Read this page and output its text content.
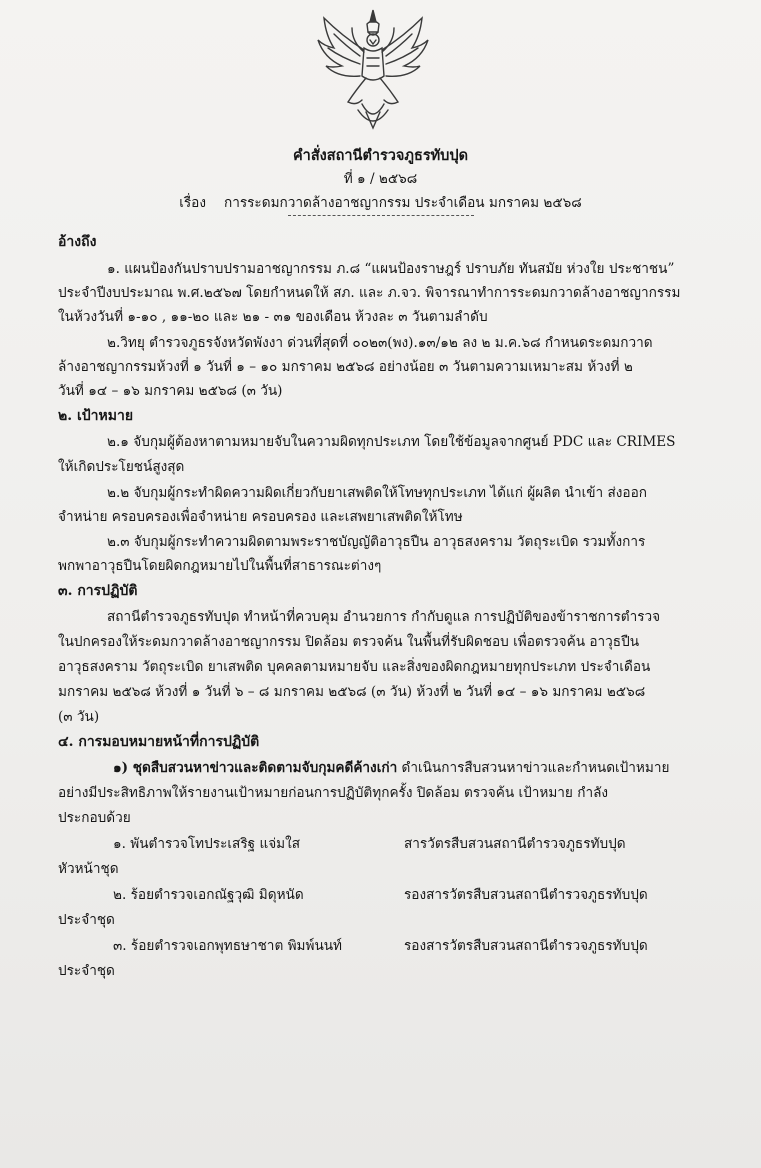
คำสั่งสถานีตำรวจภูธรทับปุด
ที่ ๑ / ๒๕๖๘
เรื่อง การระดมกวาดล้างอาชญากรรม ประจำเดือน มกราคม ๒๕๖๘
อ้างถึง
๑. แผนป้องกันปราบปรามอาชญากรรม ภ.๘ “แผนป้องราษฎร์ ปราบภัย ทันสมัย ห่วงใย ประชาชน”
ประจำปีงบประมาณ พ.ศ.๒๕๖๗ โดยกำหนดให้ สภ. และ ภ.จว. พิจารณาทำการระดมกวาดล้างอาชญากรรม
ในห้วงวันที่ ๑-๑๐ , ๑๑-๒๐ และ ๒๑ - ๓๑ ของเดือน ห้วงละ ๓ วันตามลำดับ
๒.วิทยุ ตำรวจภูธรจังหวัดพังงา ด่วนที่สุดที่ ๐๐๒๓(พง).๑๓/๑๒ ลง ๒ ม.ค.๖๘ กำหนดระดมกวาด
ล้างอาชญากรรมห้วงที่ ๑ วันที่ ๑ – ๑๐ มกราคม ๒๕๖๘ อย่างน้อย ๓ วันตามความเหมาะสม ห้วงที่ ๒
วันที่ ๑๔ – ๑๖ มกราคม ๒๕๖๘ (๓ วัน)
๒. เป้าหมาย
๒.๑ จับกุมผู้ต้องหาตามหมายจับในความผิดทุกประเภท โดยใช้ข้อมูลจากศูนย์ PDC และ CRIMES
ให้เกิดประโยชน์สูงสุด
๒.๒ จับกุมผู้กระทำผิดความผิดเกี่ยวกับยาเสพติดให้โทษทุกประเภท ได้แก่ ผู้ผลิต นำเข้า ส่งออก
จำหน่าย ครอบครองเพื่อจำหน่าย ครอบครอง และเสพยาเสพติดให้โทษ
๒.๓ จับกุมผู้กระทำความผิดตามพระราชบัญญัติอาวุธปืน อาวุธสงคราม วัตถุระเบิด รวมทั้งการ
พกพาอาวุธปืนโดยผิดกฎหมายไปในพื้นที่สาธารณะต่างๆ
๓. การปฏิบัติ
สถานีตำรวจภูธรทับปุด ทำหน้าที่ควบคุม อำนวยการ กำกับดูแล การปฏิบัติของข้าราชการตำรวจ
ในปกครองให้ระดมกวาดล้างอาชญากรรม ปิดล้อม ตรวจค้น ในพื้นที่รับผิดชอบ เพื่อตรวจค้น อาวุธปืน
อาวุธสงคราม วัตถุระเบิด ยาเสพติด บุคคลตามหมายจับ และสิ่งของผิดกฎหมายทุกประเภท ประจำเดือน
มกราคม ๒๕๖๘ ห้วงที่ ๑ วันที่ ๖ – ๘ มกราคม ๒๕๖๘ (๓ วัน) ห้วงที่ ๒ วันที่ ๑๔ – ๑๖ มกราคม ๒๕๖๘
(๓ วัน)
๔. การมอบหมายหน้าที่การปฏิบัติ
๑) ชุดสืบสวนหาข่าวและติดตามจับกุมคดีค้างเก่า ดำเนินการสืบสวนหาข่าวและกำหนดเป้าหมาย
อย่างมีประสิทธิภาพให้รายงานเป้าหมายก่อนการปฏิบัติทุกครั้ง ปิดล้อม ตรวจค้น เป้าหมาย กำลัง
ประกอบด้วย
๑. พันตำรวจโทประเสริฐ แจ่มใส	สารวัตรสืบสวนสถานีตำรวจภูธรทับปุด
หัวหน้าชุด
๒. ร้อยตำรวจเอกณัฐวุฒิ มิดุหนัด	รองสารวัตรสืบสวนสถานีตำรวจภูธรทับปุด
ประจำชุด
๓. ร้อยตำรวจเอกพุทธษาชาต พิมพ์นนท์	รองสารวัตรสืบสวนสถานีตำรวจภูธรทับปุด
ประจำชุด
